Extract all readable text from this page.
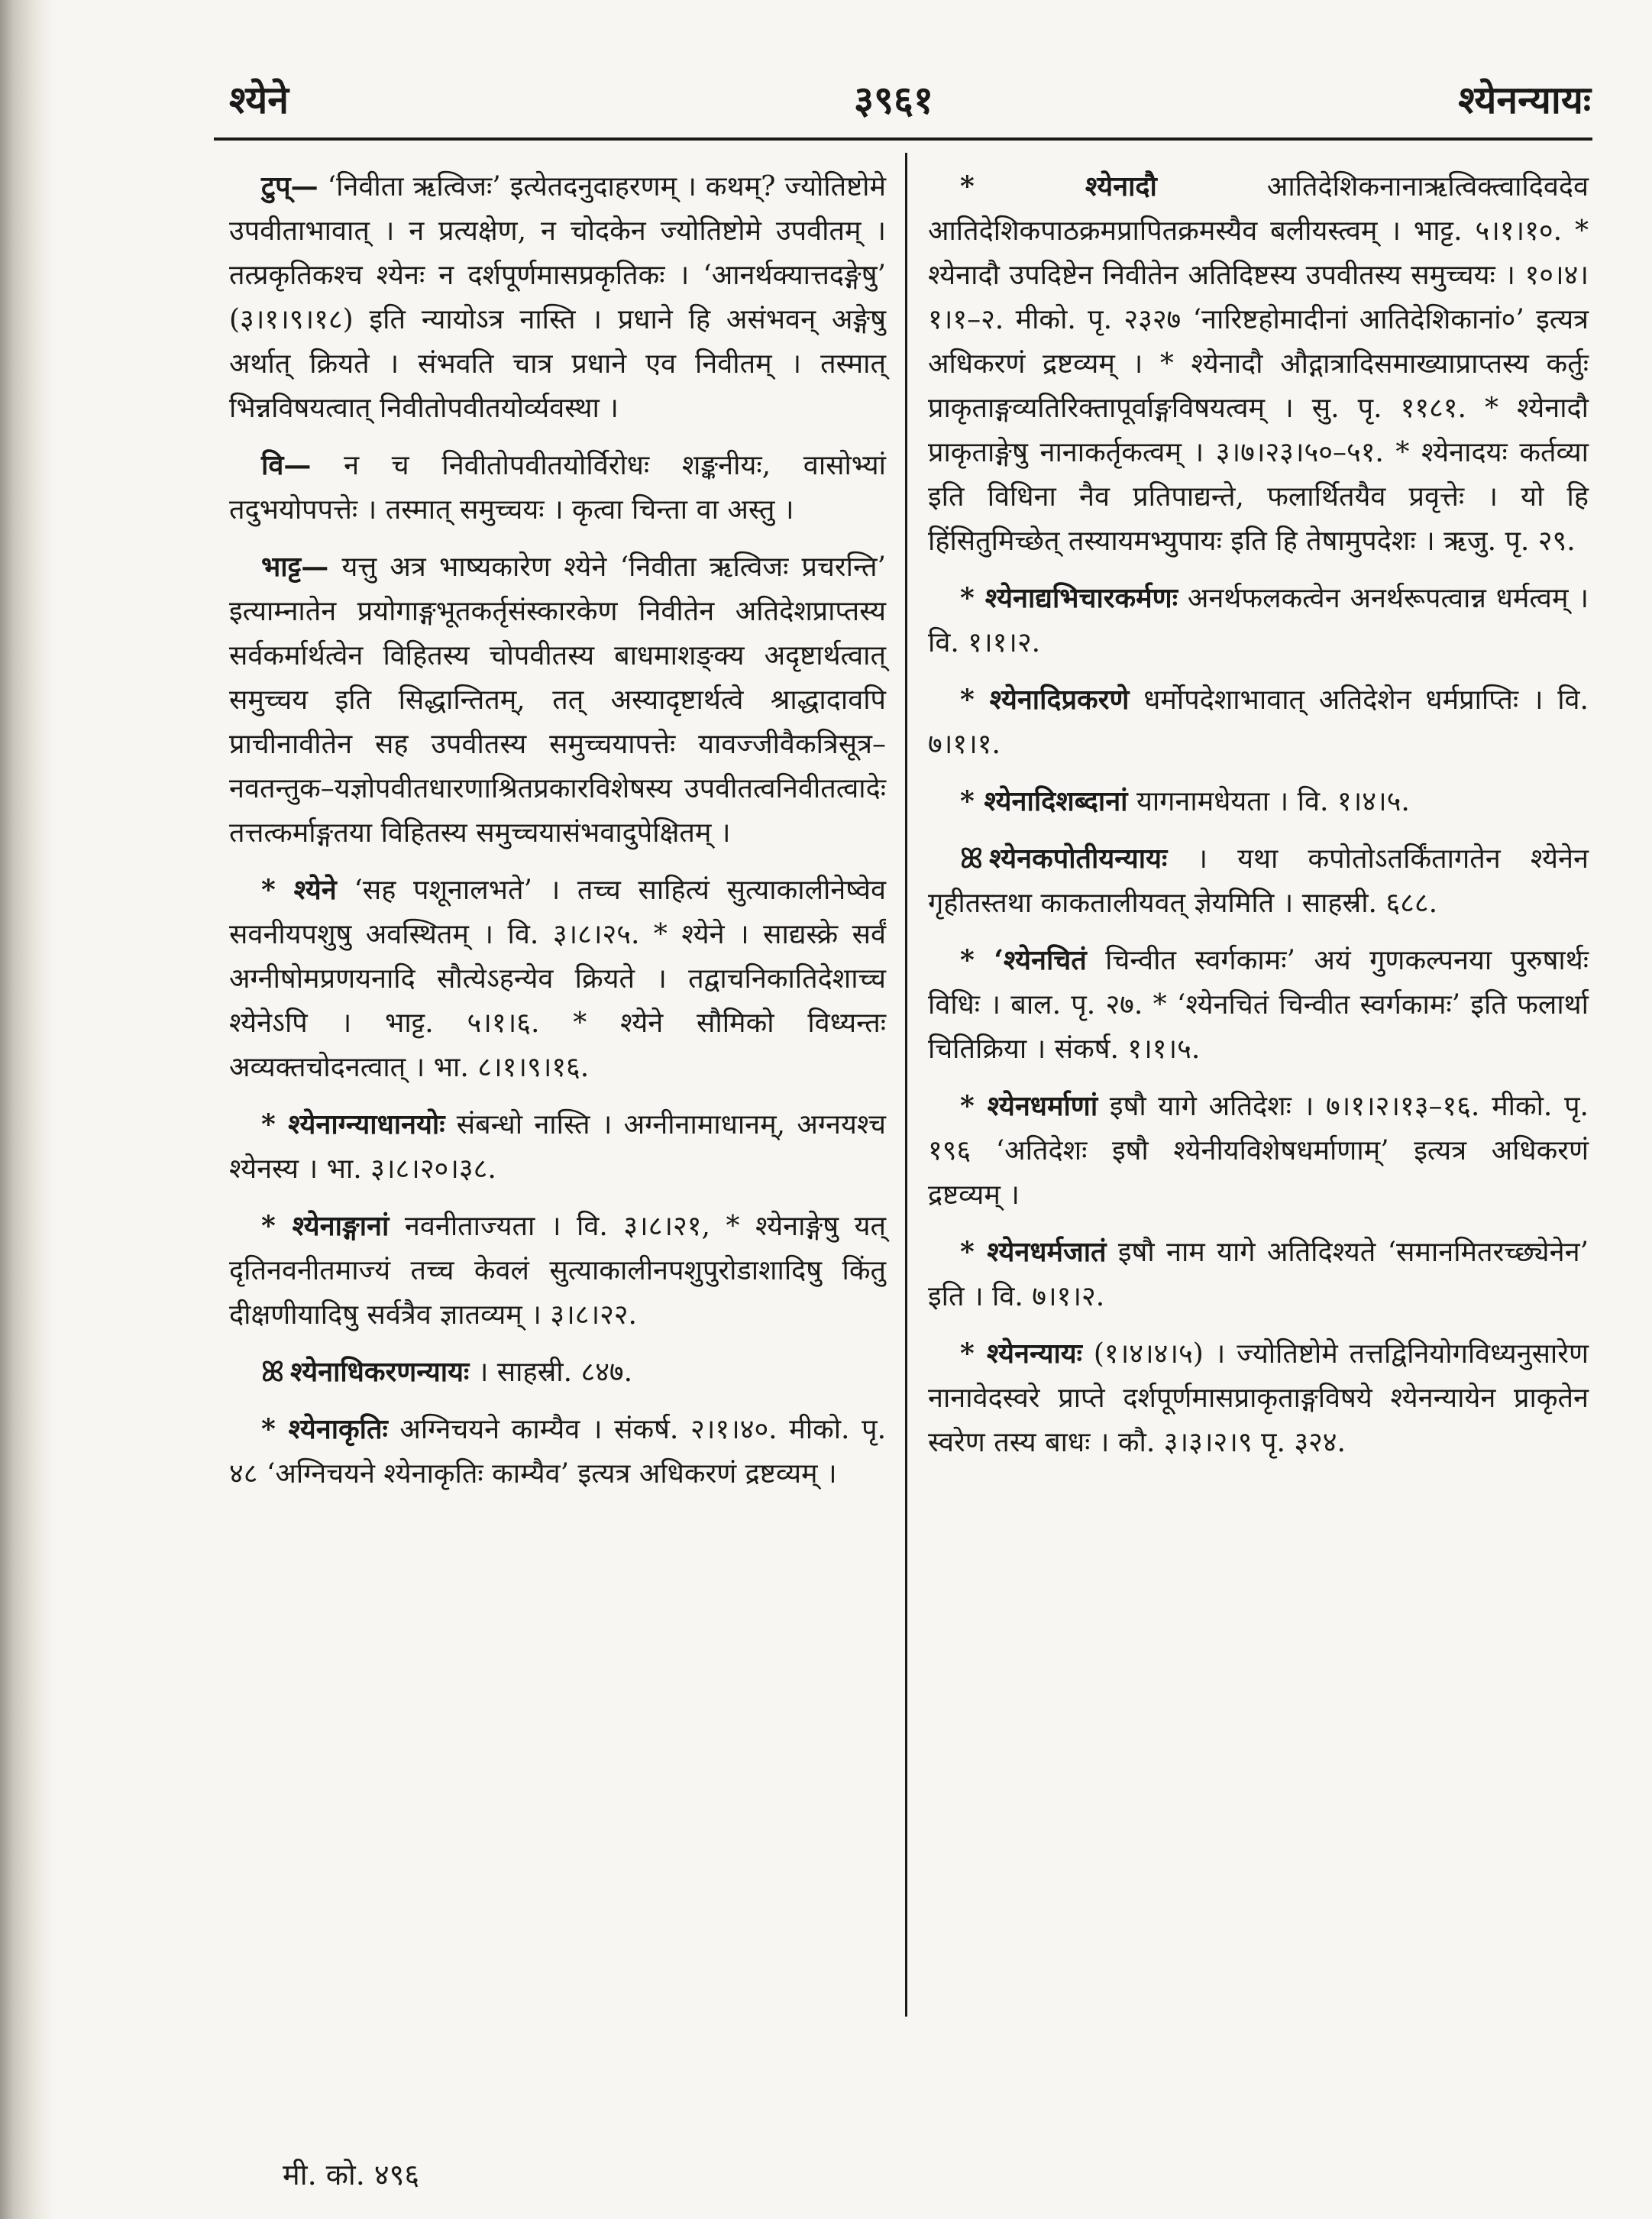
श्येने	३९६१	श्येनन्यायः

टुप्— ‘निवीता ऋत्विजः’ इत्येतदनुदाहरणम् । कथम्? ज्योतिष्टोमे उपवीताभावात् । न प्रत्यक्षेण, न चोदकेन ज्योतिष्टोमे उपवीतम् । तत्प्रकृतिकश्च श्येनः न दर्शपूर्णमासप्रकृतिकः । ‘आनर्थक्यात्तदङ्गेषु’ (३।१।९।१८) इति न्यायोऽत्र नास्ति । प्रधाने हि असंभवन् अङ्गेषु अर्थात् क्रियते । संभवति चात्र प्रधाने एव निवीतम् । तस्मात् भिन्नविषयत्वात् निवीतोपवीतयोर्व्यवस्था ।

वि— न च निवीतोपवीतयोर्विरोधः शङ्कनीयः, वासोभ्यां तदुभयोपपत्तेः । तस्मात् समुच्चयः । कृत्वा चिन्ता वा अस्तु ।

भाट्ट— यत्तु अत्र भाष्यकारेण श्येने ‘निवीता ऋत्विजः प्रचरन्ति’ इत्याम्नातेन प्रयोगाङ्गभूतकर्तृसंस्कारकेण निवीतेन अतिदेशप्राप्तस्य सर्वकर्मार्थत्वेन विहितस्य चोपवीतस्य बाधमाशङ्क्य अदृष्टार्थत्वात् समुच्चय इति सिद्धान्तितम्, तत् अस्यादृष्टार्थत्वे श्राद्धादावपि प्राचीनावीतेन सह उपवीतस्य समुच्चयापत्तेः यावज्जीवैकत्रिसूत्र–नवतन्तुक–यज्ञोपवीतधारणाश्रितप्रकारविशेषस्य उपवीतत्वनिवीतत्वादेः तत्तत्कर्माङ्गतया विहितस्य समुच्चयासंभवादुपेक्षितम् ।

* श्येने ‘सह पशूनालभते’ । तच्च साहित्यं सुत्याकालीनेष्वेव सवनीयपशुषु अवस्थितम् । वि. ३।८।२५. * श्येने । साद्यस्क्रे सर्वं अग्नीषोमप्रणयनादि सौत्येऽहन्येव क्रियते । तद्वाचनिकातिदेशाच्च श्येनेऽपि । भाट्ट. ५।१।६. * श्येने सौमिको विध्यन्तः अव्यक्तचोदनत्वात् । भा. ८।१।९।१६.

* श्येनाग्न्याधानयोः संबन्धो नास्ति । अग्नीनामाधानम्, अग्नयश्च श्येनस्य । भा. ३।८।२०।३८.

* श्येनाङ्गानां नवनीताज्यता । वि. ३।८।२१, * श्येनाङ्गेषु यत् दृतिनवनीतमाज्यं तच्च केवलं सुत्याकालीनपशुपुरोडाशादिषु किंतु दीक्षणीयादिषु सर्वत्रैव ज्ञातव्यम् । ३।८।२२.

ꕤ श्येनाधिकरणन्यायः । साहस्री. ८४७.

* श्येनाकृतिः अग्निचयने काम्यैव । संकर्ष. २।१।४०. मीको. पृ. ४८ ‘अग्निचयने श्येनाकृतिः काम्यैव’ इत्यत्र अधिकरणं द्रष्टव्यम् ।

* श्येनादौ आतिदेशिकनानाऋत्विक्त्वादिवदेव आतिदेशिकपाठक्रमप्रापितक्रमस्यैव बलीयस्त्वम् । भाट्ट. ५।१।१०. * श्येनादौ उपदिष्टेन निवीतेन अतिदिष्टस्य उपवीतस्य समुच्चयः । १०।४।१।१–२. मीको. पृ. २३२७ ‘नारिष्टहोमादीनां आतिदेशिकानां०’ इत्यत्र अधिकरणं द्रष्टव्यम् । * श्येनादौ औद्गात्रादिसमाख्याप्राप्तस्य कर्तुः प्राकृताङ्गव्यतिरिक्तापूर्वाङ्गविषयत्वम् । सु. पृ. ११८१. * श्येनादौ प्राकृताङ्गेषु नानाकर्तृकत्वम् । ३।७।२३।५०–५१. * श्येनादयः कर्तव्या इति विधिना नैव प्रतिपाद्यन्ते, फलार्थितयैव प्रवृत्तेः । यो हि हिंसितुमिच्छेत् तस्यायमभ्युपायः इति हि तेषामुपदेशः । ऋजु. पृ. २९.

* श्येनाद्यभिचारकर्मणः अनर्थफलकत्वेन अनर्थरूपत्वान्न धर्मत्वम् । वि. १।१।२.

* श्येनादिप्रकरणे धर्मोपदेशाभावात् अतिदेशेन धर्मप्राप्तिः । वि. ७।१।१.

* श्येनादिशब्दानां यागनामधेयता । वि. १।४।५.

ꕤ श्येनकपोतीयन्यायः । यथा कपोतोऽतर्किंतागतेन श्येनेन गृहीतस्तथा काकतालीयवत् ज्ञेयमिति । साहस्री. ६८८.

* ‘श्येनचितं चिन्वीत स्वर्गकामः’ अयं गुणकल्पनया पुरुषार्थः विधिः । बाल. पृ. २७. * ‘श्येनचितं चिन्वीत स्वर्गकामः’ इति फलार्था चितिक्रिया । संकर्ष. १।१।५.

* श्येनधर्माणां इषौ यागे अतिदेशः । ७।१।२।१३–१६. मीको. पृ. १९६ ‘अतिदेशः इषौ श्येनीयविशेषधर्माणाम्’ इत्यत्र अधिकरणं द्रष्टव्यम् ।

* श्येनधर्मजातं इषौ नाम यागे अतिदिश्यते ‘समानमितरच्छ्येनेन’ इति । वि. ७।१।२.

* श्येनन्यायः (१।४।४।५) । ज्योतिष्टोमे तत्तद्विनियोगविध्यनुसारेण नानावेदस्वरे प्राप्ते दर्शपूर्णमासप्राकृताङ्गविषये श्येनन्यायेन प्राकृतेन स्वरेण तस्य बाधः । कौ. ३।३।२।९ पृ. ३२४.

मी. को. ४९६
